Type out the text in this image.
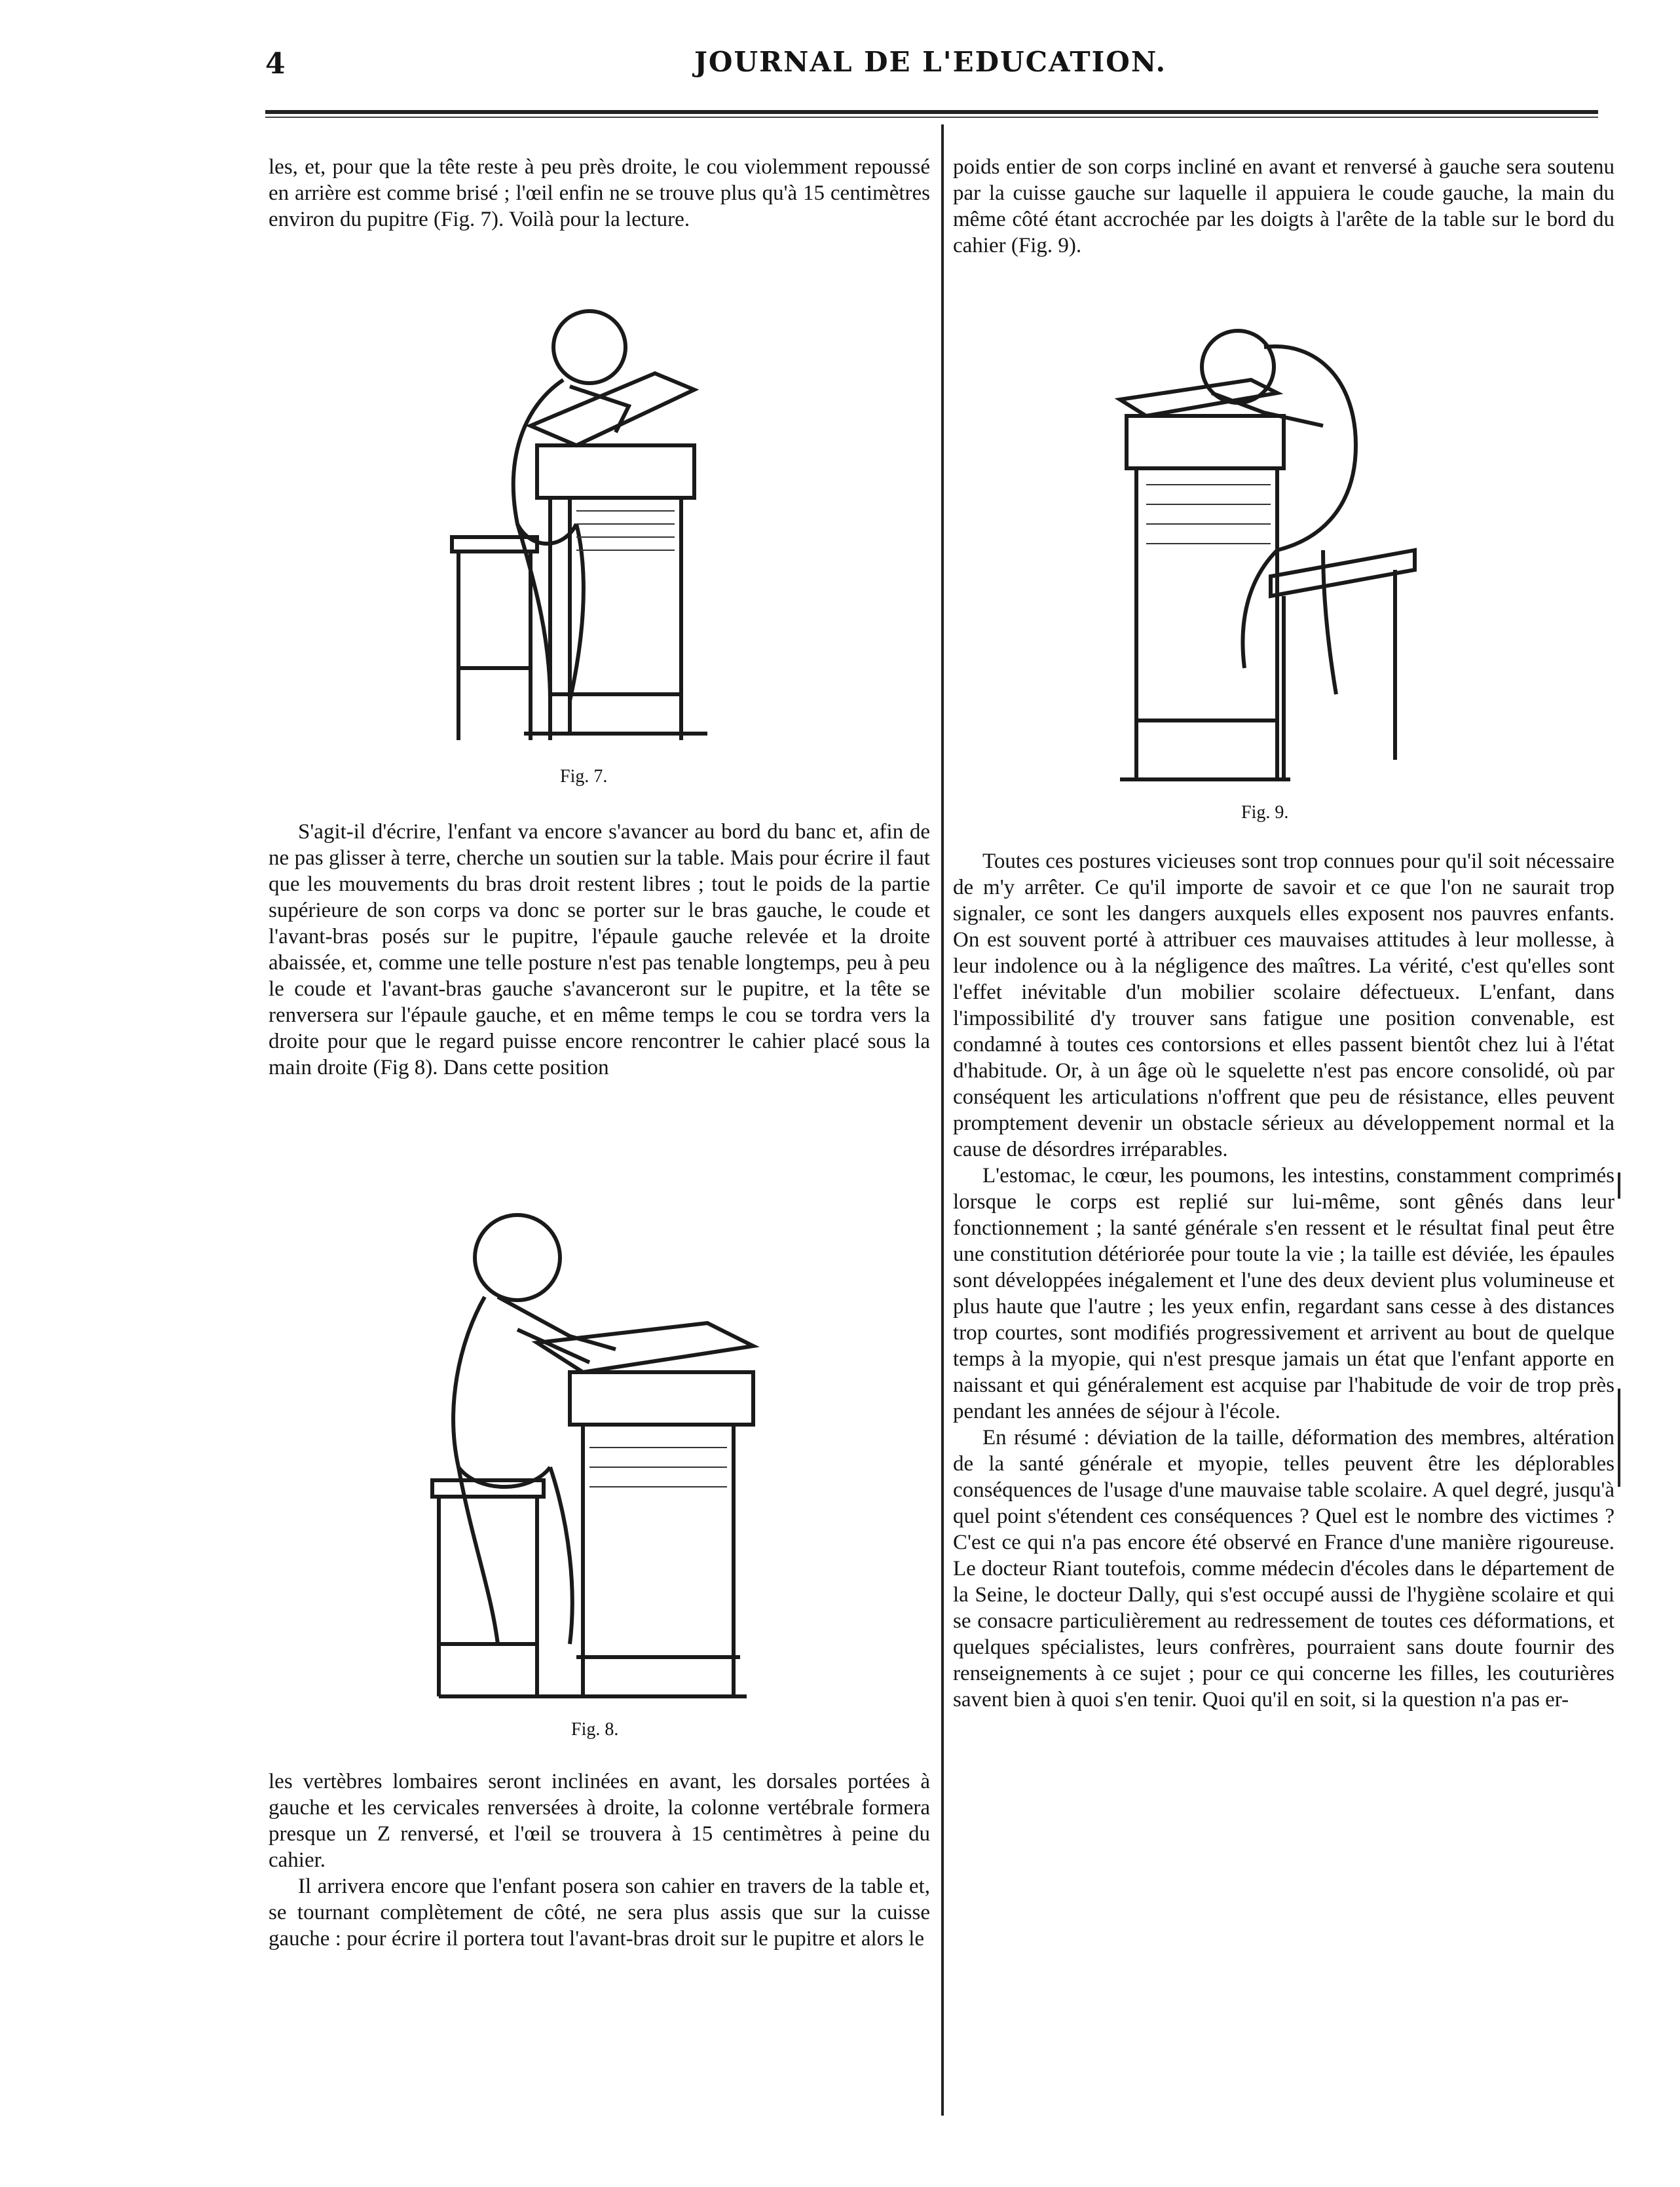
4	JOURNAL DE L'EDUCATION.

les, et, pour que la tête reste à peu près droite, le cou violemment repoussé en arrière est comme brisé ; l'œil enfin ne se trouve plus qu'à 15 centimètres environ du pupitre (Fig. 7). Voilà pour la lecture.

Fig. 7.

S'agit-il d'écrire, l'enfant va encore s'avancer au bord du banc et, afin de ne pas glisser à terre, cherche un soutien sur la table. Mais pour écrire il faut que les mouvements du bras droit restent libres ; tout le poids de la partie supérieure de son corps va donc se porter sur le bras gauche, le coude et l'avant-bras posés sur le pupitre, l'épaule gauche relevée et la droite abaissée, et, comme une telle posture n'est pas tenable longtemps, peu à peu le coude et l'avant-bras gauche s'avanceront sur le pupitre, et la tête se renversera sur l'épaule gauche, et en même temps le cou se tordra vers la droite pour que le regard puisse encore rencontrer le cahier placé sous la main droite (Fig 8). Dans cette position

Fig. 8.

les vertèbres lombaires seront inclinées en avant, les dorsales portées à gauche et les cervicales renversées à droite, la colonne vertébrale formera presque un Z renversé, et l'œil se trouvera à 15 centimètres à peine du cahier.

Il arrivera encore que l'enfant posera son cahier en travers de la table et, se tournant complètement de côté, ne sera plus assis que sur la cuisse gauche : pour écrire il portera tout l'avant-bras droit sur le pupitre et alors le

poids entier de son corps incliné en avant et renversé à gauche sera soutenu par la cuisse gauche sur laquelle il appuiera le coude gauche, la main du même côté étant accrochée par les doigts à l'arête de la table sur le bord du cahier (Fig. 9).

Fig. 9.

Toutes ces postures vicieuses sont trop connues pour qu'il soit nécessaire de m'y arrêter. Ce qu'il importe de savoir et ce que l'on ne saurait trop signaler, ce sont les dangers auxquels elles exposent nos pauvres enfants. On est souvent porté à attribuer ces mauvaises attitudes à leur mollesse, à leur indolence ou à la négligence des maîtres. La vérité, c'est qu'elles sont l'effet inévitable d'un mobilier scolaire défectueux. L'enfant, dans l'impossibilité d'y trouver sans fatigue une position convenable, est condamné à toutes ces contorsions et elles passent bientôt chez lui à l'état d'habitude. Or, à un âge où le squelette n'est pas encore consolidé, où par conséquent les articulations n'offrent que peu de résistance, elles peuvent promptement devenir un obstacle sérieux au développement normal et la cause de désordres irréparables.

L'estomac, le cœur, les poumons, les intestins, constamment comprimés lorsque le corps est replié sur lui-même, sont gênés dans leur fonctionnement ; la santé générale s'en ressent et le résultat final peut être une constitution détériorée pour toute la vie ; la taille est déviée, les épaules sont développées inégalement et l'une des deux devient plus volumineuse et plus haute que l'autre ; les yeux enfin, regardant sans cesse à des distances trop courtes, sont modifiés progressivement et arrivent au bout de quelque temps à la myopie, qui n'est presque jamais un état que l'enfant apporte en naissant et qui généralement est acquise par l'habitude de voir de trop près pendant les années de séjour à l'école.

En résumé : déviation de la taille, déformation des membres, altération de la santé générale et myopie, telles peuvent être les déplorables conséquences de l'usage d'une mauvaise table scolaire. A quel degré, jusqu'à quel point s'étendent ces conséquences ? Quel est le nombre des victimes ? C'est ce qui n'a pas encore été observé en France d'une manière rigoureuse. Le docteur Riant toutefois, comme médecin d'écoles dans le département de la Seine, le docteur Dally, qui s'est occupé aussi de l'hygiène scolaire et qui se consacre particulièrement au redressement de toutes ces déformations, et quelques spécialistes, leurs confrères, pourraient sans doute fournir des renseignements à ce sujet ; pour ce qui concerne les filles, les couturières savent bien à quoi s'en tenir. Quoi qu'il en soit, si la question n'a pas er-
